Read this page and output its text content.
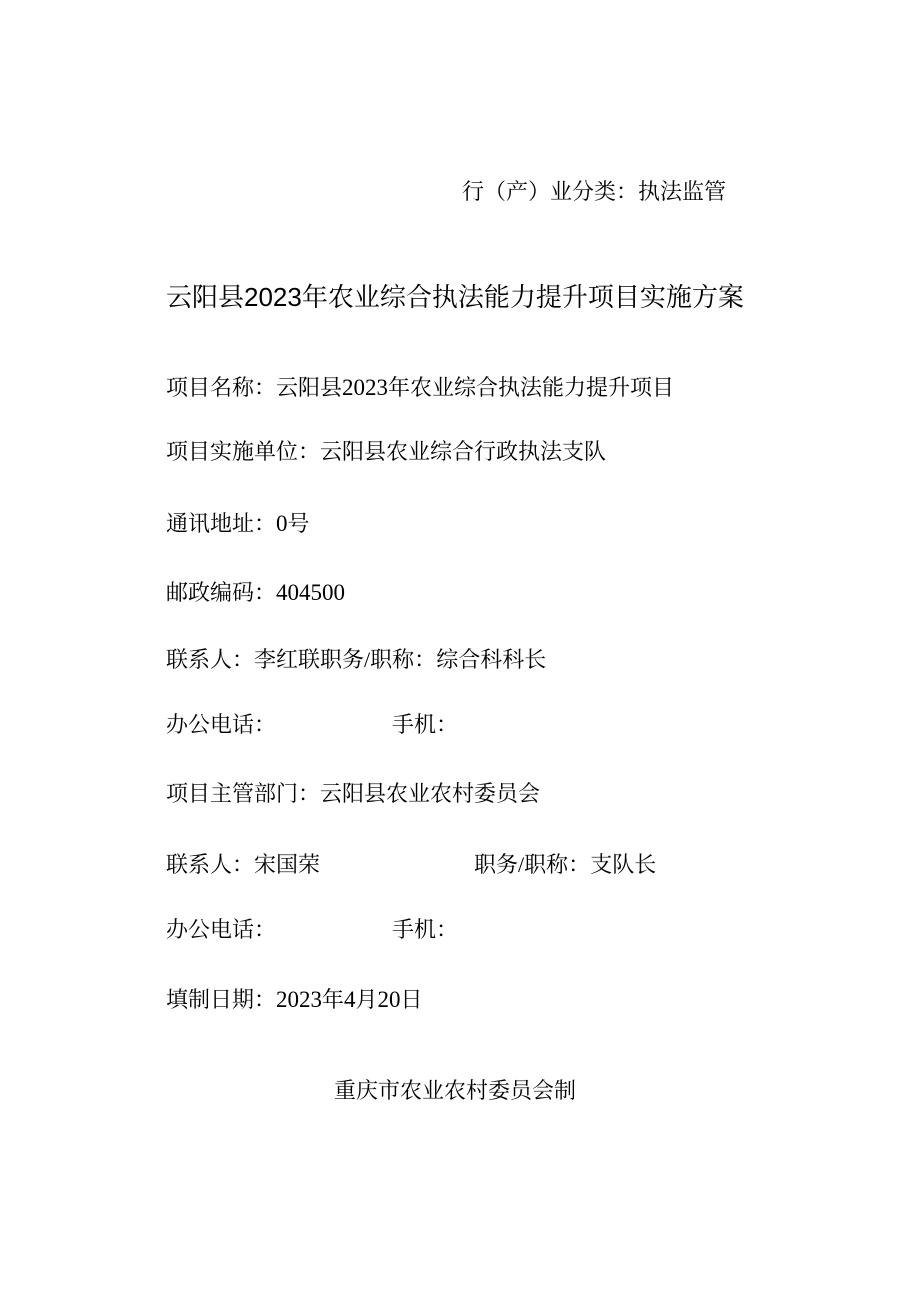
行（产）业分类：执法监管
云阳县2023年农业综合执法能力提升项目实施方案
项目名称：云阳县2023年农业综合执法能力提升项目
项目实施单位：云阳县农业综合行政执法支队
通讯地址：0号
邮政编码：404500
联系人：李红联职务/职称：综合科科长
办公电话：	手机：
项目主管部门：云阳县农业农村委员会
联系人：宋国荣	职务/职称：支队长
办公电话：	手机：
填制日期：2023年4月20日
重庆市农业农村委员会制
